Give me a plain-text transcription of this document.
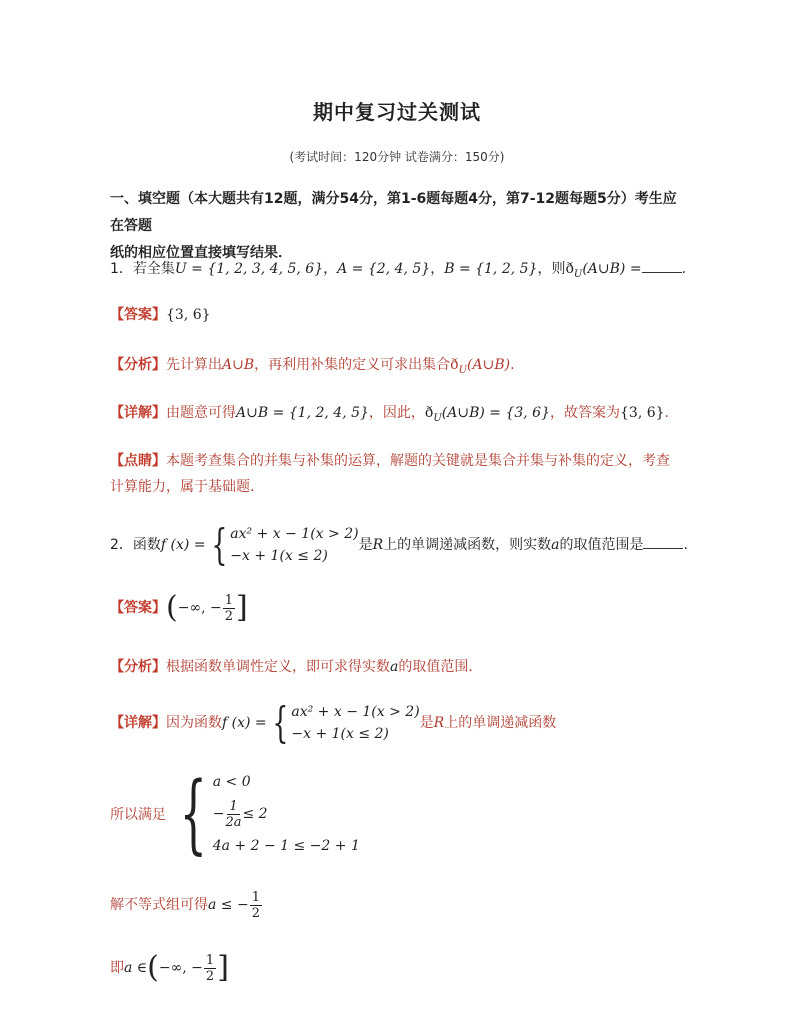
期中复习过关测试
(考试时间：120分钟 试卷满分：150分)
一、填空题（本大题共有12题，满分54分，第1-6题每题4分，第7-12题每题5分）考生应在答题
纸的相应位置直接填写结果．
1．若全集U = {1, 2, 3, 4, 5, 6}，A = {2, 4, 5}，B = {1, 2, 5}，则$ð_U(A\cup B)$ =	.
【答案】{3, 6}
【分析】先计算出A∪B，再利用补集的定义可求出集合$ð_U(A\cup B)$.
【详解】由题意可得A∪B = {1, 2, 4, 5}，因此，$ð_U(A\cup B) = \{3$, 6}，故答案为{3, 6}.
【点睛】本题考查集合的并集与补集的运算，解题的关键就是集合并集与补集的定义，考查
计算能力，属于基础题.
2．函数f (x) = { ax² + x − 1(x > 2)
−x + 1(x ≤ 2)
是R上的单调递减函数，则实数a的取值范围是	.
【答案】(−∞, − $\frac{1}{2}$ ]
【分析】根据函数单调性定义，即可求得实数a的取值范围．
【详解】因为函数f (x) = { ax² + x − 1(x > 2)
−x + 1(x ≤ 2)
是R上的单调递减函数
所以满足 { a < 0
− $\frac{1}{2a} \le 2$
4a + 2 − 1 ≤ −2 + 1
解不等式组可得a ≤ − $\frac{1}{2}$
即a ∈(−∞, − $\frac{1}{2}$ ]
